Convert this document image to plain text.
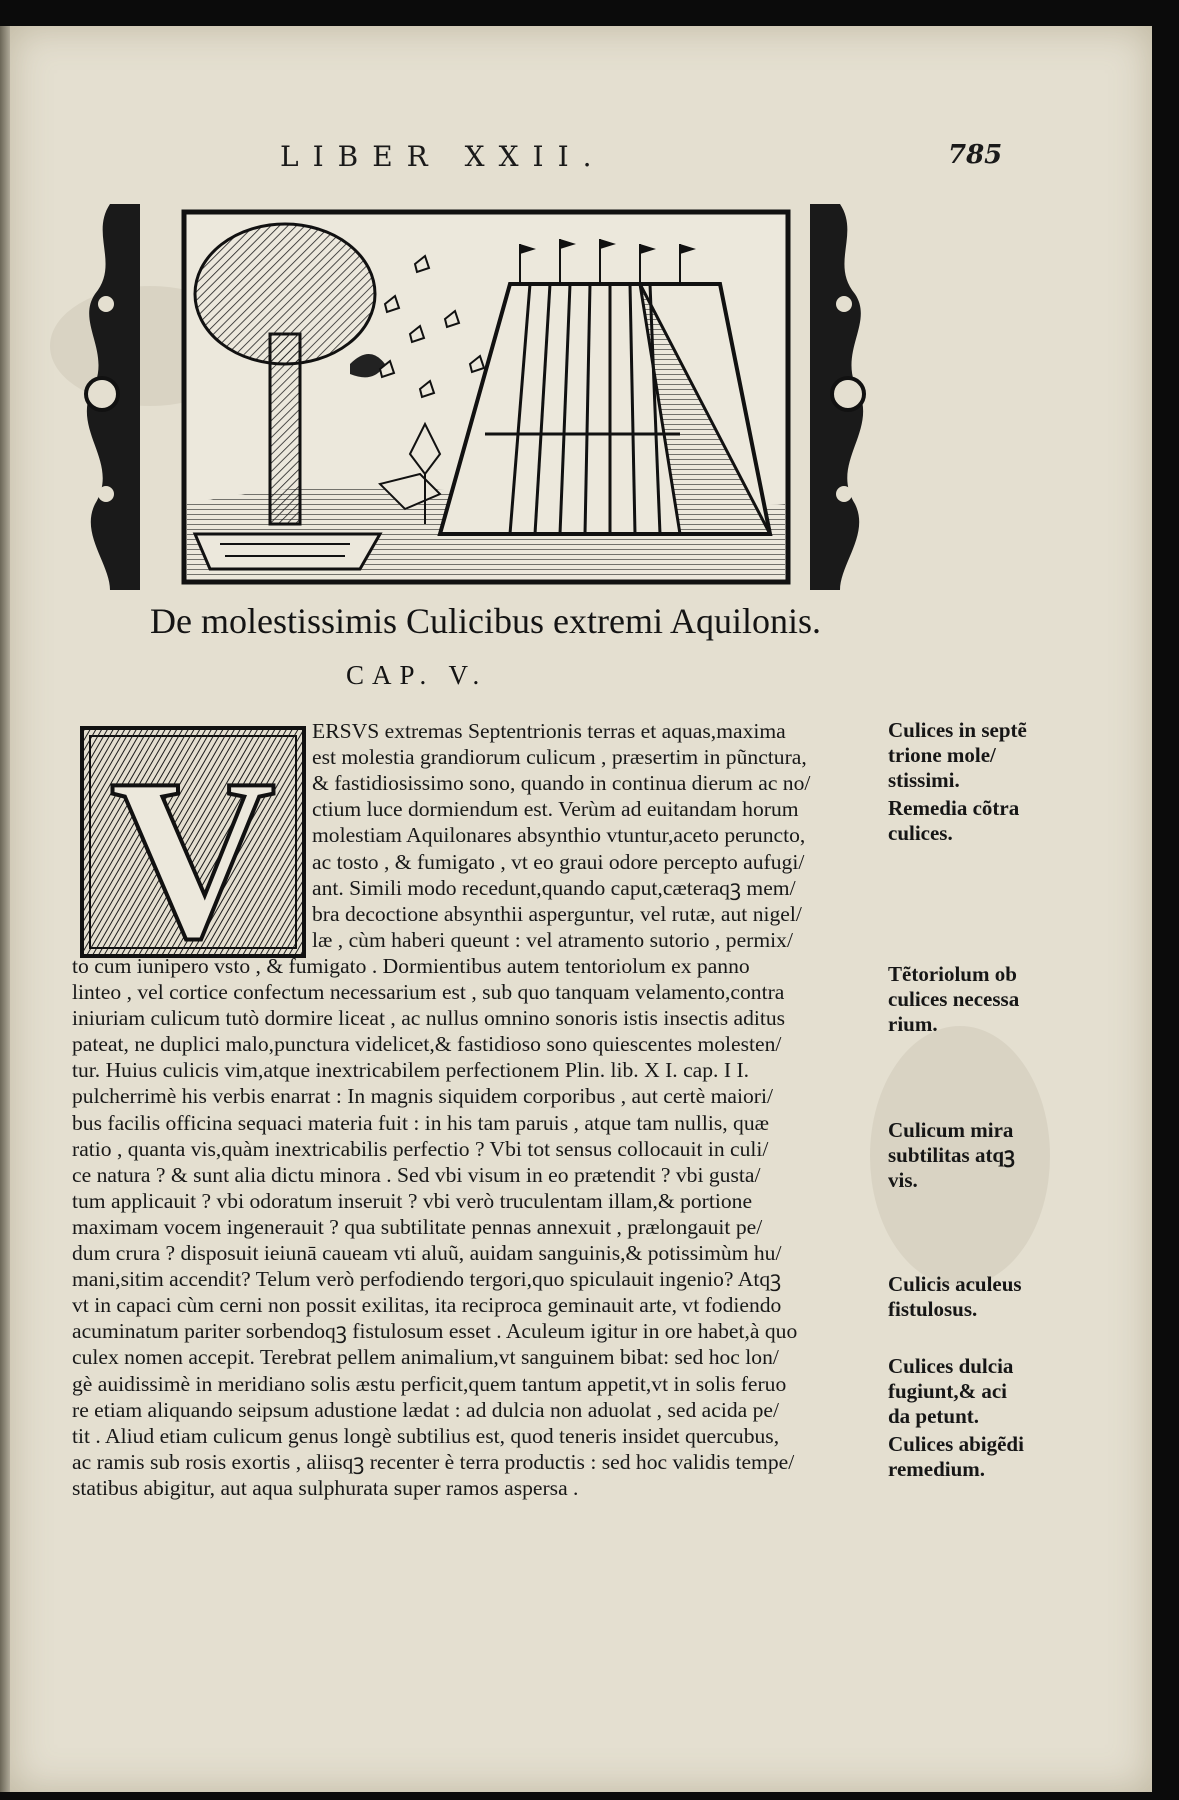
LIBER XXII.	785
De molestissimis Culicibus extremi Aquilonis.
CAP. V.
V ERSVS extremas Septentrionis terras et aquas,maxima
est molestia grandiorum culicum , præsertim in pũnctura,
& fastidiosissimo sono, quando in continua dierum ac no/
ctium luce dormiendum est. Verùm ad euitandam horum
molestiam Aquilonares absynthio vtuntur,aceto perunctо,
ac tosto , & fumigato , vt eo graui odore percepto aufugi/
ant. Simili modo recedunt,quando caput,cæteraqꝫ mem/
bra decoctione absynthii asperguntur, vel rutæ, aut nigel/
læ , cùm haberi queunt : vel atramento sutorio , permix/
to cum iunipero vsto , & fumigato . Dormientibus autem tentoriolum ex panno
linteo , vel cortice confectum necessarium est , sub quo tanquam velamento,contra
iniuriam culicum tutò dormire liceat , ac nullus omnino sonoris istis insectis aditus
pateat, ne duplici malo,punctura videlicet,& fastidioso sono quiescentes molesten/
tur. Huius culicis vim,atque inextricabilem perfectionem Plin. lib. X I. cap. I I.
pulcherrimè his verbis enarrat : In magnis siquidem corporibus , aut certè maiori/
bus facilis officina sequaci materia fuit : in his tam paruis , atque tam nullis, quæ
ratio , quanta vis,quàm inextricabilis perfectio ? Vbi tot sensus collocauit in culi/
ce natura ? & sunt alia dictu minora . Sed vbi visum in eo prætendit ? vbi gusta/
tum applicauit ? vbi odoratum inseruit ? vbi verò truculentam illam,& portione
maximam vocem ingenerauit ? qua subtilitate pennas annexuit , prælongauit pe/
dum crura ? disposuit ieiunā caueam vti aluũ, auidam sanguinis,& potissimùm hu/
mani,sitim accendit? Telum verò perfodiendo tergori,quo spiculauit ingenio? Atqꝫ
vt in capaci cùm cerni non possit exilitas, ita reciproca geminauit arte, vt fodiendo
acuminatum pariter sorbendoqꝫ fistulosum esset . Aculeum igitur in ore habet,à quo
culex nomen accepit. Terebrat pellem animalium,vt sanguinem bibat: sed hoc lon/
gè auidissimè in meridiano solis æstu perficit,quem tantum appetit,vt in solis feruo
re etiam aliquando seipsum adustione lædat : ad dulcia non aduolat , sed acida pe/
tit . Aliud etiam culicum genus longè subtilius est, quod teneris insidet quercubus,
ac ramis sub rosis exortis , aliisqꝫ recenter è terra productis : sed hoc validis tempe/
statibus abigitur, aut aqua sulphurata super ramos aspersa .
Culices in septẽ
trione mole/
stissimi.
Remedia cõtra
culices.
Tẽtoriolum ob
culices necessa
rium.
Culicum mira
subtilitas atqꝫ
vis.
Culicis aculeus
fistulosus.
Culices dulcia
fugiunt,& aci
da petunt.
Culices abigẽdi
remedium.
